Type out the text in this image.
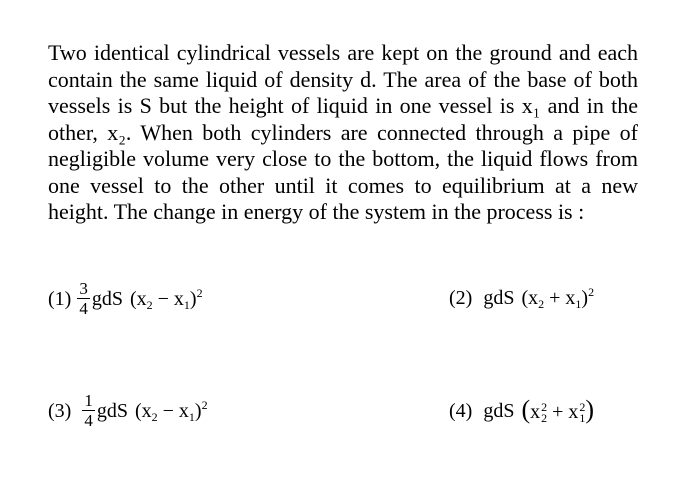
Two identical cylindrical vessels are kept on the ground and each contain the same liquid of density d. The area of the base of both vessels is S but the height of liquid in one vessel is x₁ and in the other, x₂. When both cylinders are connected through a pipe of negligible volume very close to the bottom, the liquid flows from one vessel to the other until it comes to equilibrium at a new height. The change in energy of the system in the process is :

$(1) \frac{3}{4}$ gdS
$(x_2 - x_1)^2$	(2)
gdS
$(x_2 + x_1)^2$
(3)
$\frac{1}{4}$ gdS
$(x_2 - x_1)^2$	(4)
gdS
(x 2
2 + x 2
1 )
